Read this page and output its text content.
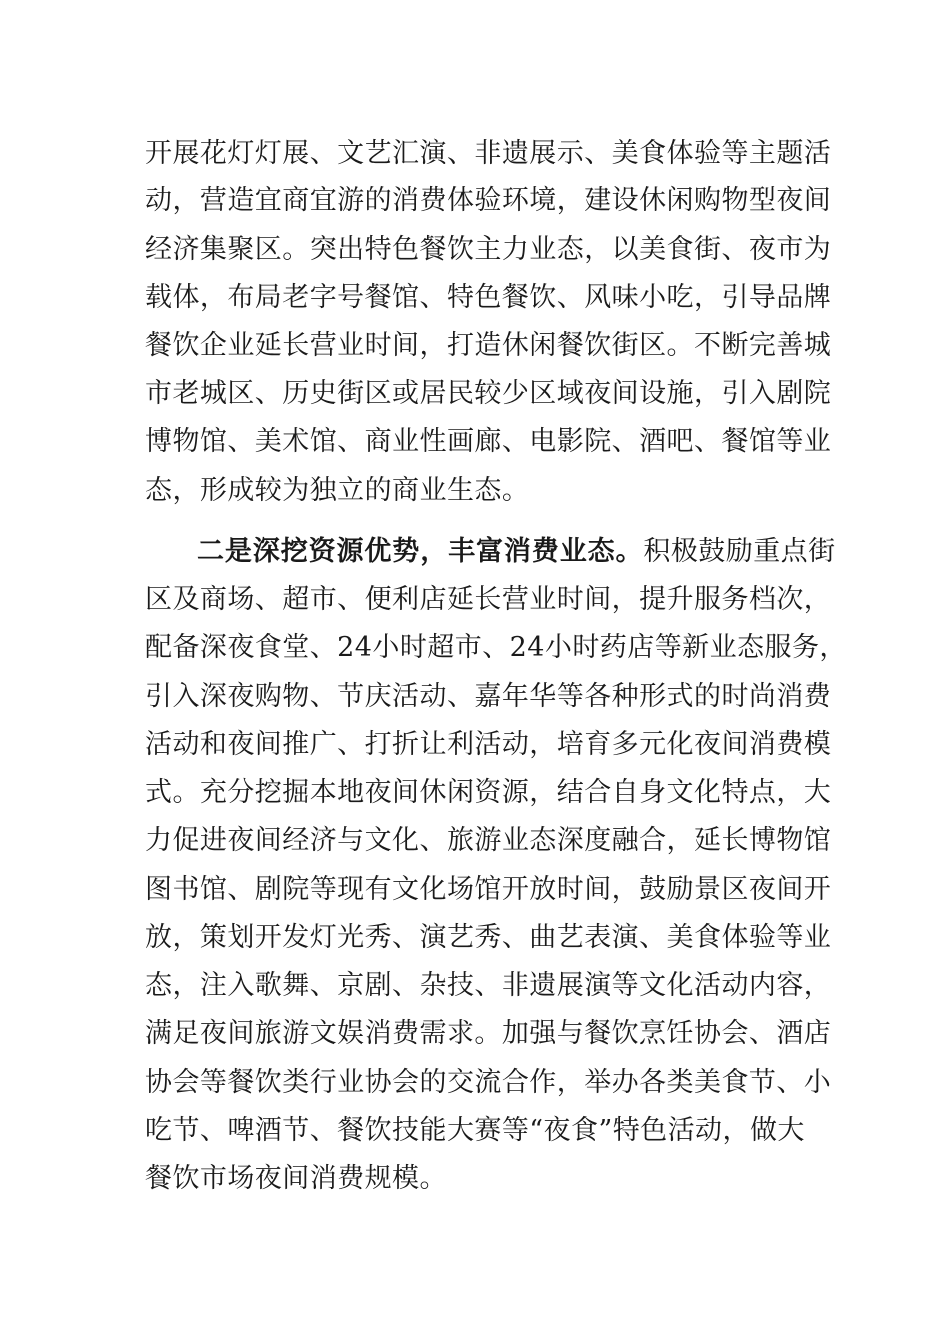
开展花灯灯展、文艺汇演、非遗展示、美食体验等主题活

动，营造宜商宜游的消费体验环境，建设休闲购物型夜间

经济集聚区。突出特色餐饮主力业态，以美食街、夜市为

载体，布局老字号餐馆、特色餐饮、风味小吃，引导品牌

餐饮企业延长营业时间，打造休闲餐饮街区。不断完善城

市老城区、历史街区或居民较少区域夜间设施，引入剧院

博物馆、美术馆、商业性画廊、电影院、酒吧、餐馆等业

态，形成较为独立的商业生态。

二是深挖资源优势，丰富消费业态。积极鼓励重点街

区及商场、超市、便利店延长营业时间，提升服务档次，

配备深夜食堂、24小时超市、24小时药店等新业态服务，

引入深夜购物、节庆活动、嘉年华等各种形式的时尚消费

活动和夜间推广、打折让利活动，培育多元化夜间消费模

式。充分挖掘本地夜间休闲资源，结合自身文化特点，大

力促进夜间经济与文化、旅游业态深度融合，延长博物馆

图书馆、剧院等现有文化场馆开放时间，鼓励景区夜间开

放，策划开发灯光秀、演艺秀、曲艺表演、美食体验等业

态，注入歌舞、京剧、杂技、非遗展演等文化活动内容，

满足夜间旅游文娱消费需求。加强与餐饮烹饪协会、酒店

协会等餐饮类行业协会的交流合作，举办各类美食节、小

吃节、啤酒节、餐饮技能大赛等“夜食”特色活动，做大

餐饮市场夜间消费规模。
